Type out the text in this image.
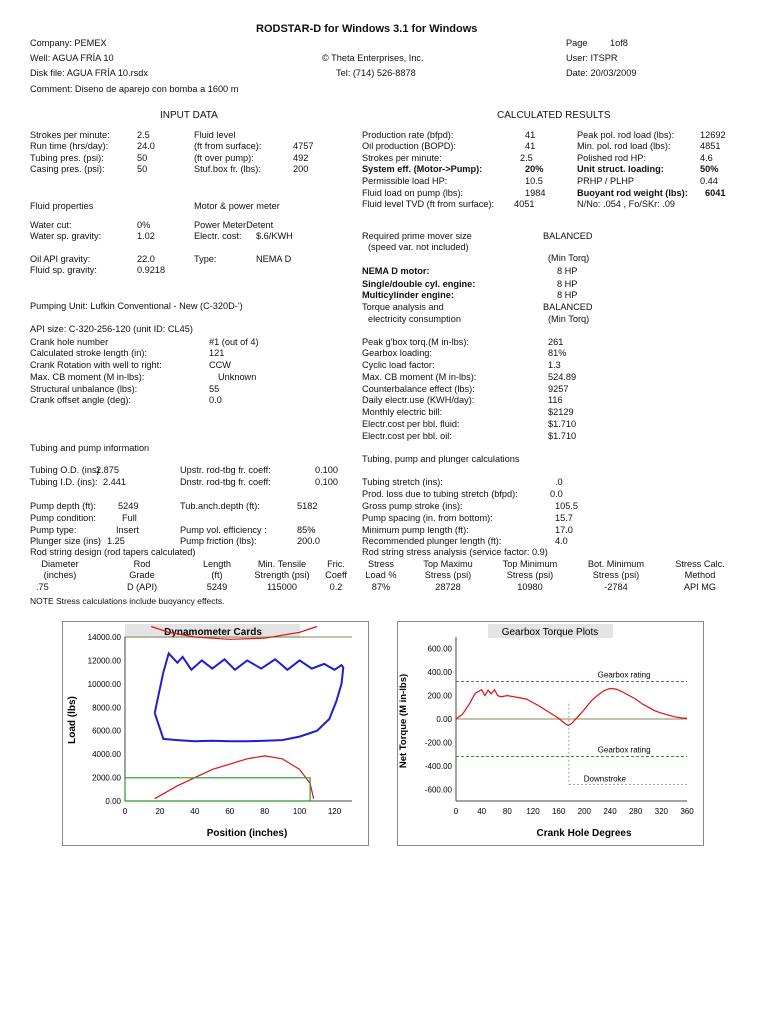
RODSTAR-D for Windows 3.1 for Windows
Company: PEMEX
Well: AGUA FRÍA 10
Disk file: AGUA FRÍA 10.rsdx
Comment: Diseno de aparejo con bomba a 1600 m
© Theta Enterprises, Inc.
Tel: (714) 526-8878
Page 1of8
User: ITSPR
Date: 20/03/2009
INPUT DATA
Strokes per minute:	2.5
Run time (hrs/day):	24.0
Tubing pres. (psi):	50
Casing pres. (psi):	50
Fluid level
(ft from surface):	4757
(ft over pump):	492
Stuf.box fr. (lbs):	200
Fluid properties	Motor & power meter
Water cut:	0%
Water sp. gravity:	1.02
Power MeterDetent
Electr. cost: $.6/KWH
Oil API gravity:	22.0	Type:	NEMA D
Fluid sp. gravity:	0.9218
Pumping Unit: Lufkin Conventional - New (C-320D-')
API size: C-320-256-120 (unit ID: CL45)
Crank hole number	#1 (out of 4)
Calculated stroke length (in):	121
Crank Rotation with well to right:	CCW
Max. CB moment (M in-lbs):	Unknown
Structural unbalance (lbs):	55
Crank offset angle (deg):	0.0
Tubing and pump information
Tubing O.D. (ins)
2.875
Tubing I.D. (ins): 2.441
Upstr. rod-tbg fr. coeff:	0.100
Dnstr. rod-tbg fr. coeff:	0.100
Pump depth (ft): 5249	Tub.anch.depth (ft):	5182
Pump condition:	Full
Pump type:	Insert	Pump vol. efficiency :	85%
Plunger size (ins) 1.25	Pump friction (lbs):	200.0
Rod string design (rod tapers calculated)
CALCULATED RESULTS
Production rate (bfpd):	41
Oil production (BOPD):	41
Strokes per minute:	2.5
System eff. (Motor->Pump):	20%
Permissible load HP:	10.5
Fluid load on pump (lbs):	1984
Fluid level TVD (ft from surface): 4051
Peak pol. rod load (lbs):	12692
Min. pol. rod load (lbs):	4851
Polished rod HP:	4.6
Unit struct. loading:	50%
PRHP / PLHP	0.44
Buoyant rod weight (lbs): 6041
N/No: .054 , Fo/SKr: .09
Required prime mover size	BALANCED
(speed var. not included)
(Min Torq)
NEMA D motor:	8 HP
Single/double cyl. engine:	8 HP
Multicylinder engine:	8 HP
Torque analysis and	BALANCED
electricity consumption	(Min Torq)
Peak g'box torq.(M in-lbs):	261
Gearbox loading:	81%
Cyclic load factor:	1.3
Max. CB moment (M in-lbs):	524.89
Counterbalance effect (lbs):	9257
Daily electr.use (KWH/day):	116
Monthly electric bill:	$2129
Electr.cost per bbl. fluid:	$1.710
Electr.cost per bbl. oil:	$1.710
Tubing, pump and plunger calculations
Tubing stretch (ins):	.0
Prod. loss due to tubing stretch (bfpd):	0.0
Gross pump stroke (ins):	105.5
Pump spacing (in. from bottom):	15.7
Minimum pump length (ft):	17.0
Recommended plunger length (ft):	4.0
Rod string stress analysis (service factor: 0.9)
Diameter	Rod	Length	Min. Tensile	Fric.	Stress	Top Maximu	Top Minimum	Bot. Minimum	Stress Calc.
(inches)	Grade	(ft)	Strength (psi)	Coeff	Load %	Stress (psi)	Stress (psi)	Stress (psi)	Method
.75	D (API)	5249	115000	0.2	87%	28728	10980	-2784	API MG
NOTE Stress calculations include buoyancy effects.
Dynamometer Cards
Position (inches)
Load (lbs)
0	20	40	60	80	100	120
0.00
2000.00
4000.00
6000.00
8000.00
10000.00
12000.00
14000.00	Gearbox Torque Plots
Crank Hole Degrees
Net Torque (M in-lbs)
0 40 80 120 160 200 240 280 320 360
-600.00
-400.00
-200.00
0.00
200.00
400.00
600.00
Gearbox rating
Gearbox rating
Downstroke
